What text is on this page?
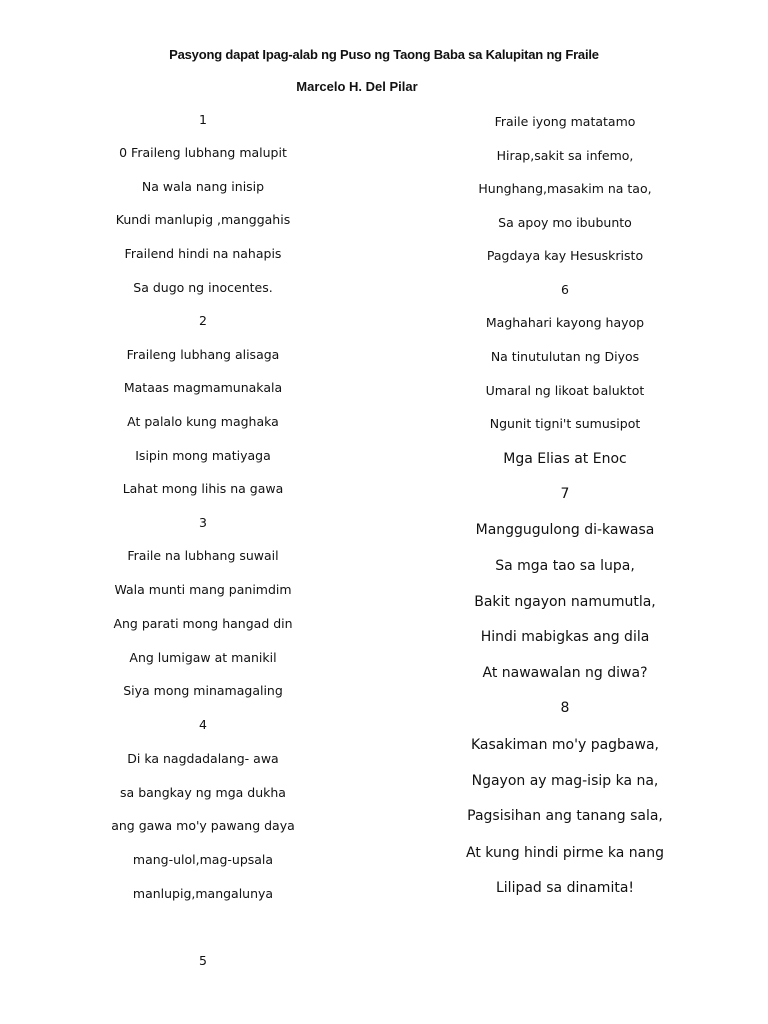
Pasyong dapat Ipag-alab ng Puso ng Taong Baba sa Kalupitan ng Fraile
Marcelo H. Del Pilar
1
0 Fraileng lubhang malupit
Na wala nang inisip
Kundi manlupig ,manggahis
Frailend hindi na nahapis
Sa dugo ng inocentes.
2
Fraileng lubhang alisaga
Mataas magmamunakala
At palalo kung maghaka
Isipin mong matiyaga
Lahat mong lihis na gawa
3
Fraile na lubhang suwail
Wala munti mang panimdim
Ang parati mong hangad din
Ang lumigaw at manikil
Siya mong minamagaling
4
Di ka nagdadalang- awa
sa bangkay ng mga dukha
ang gawa mo'y pawang daya
mang-ulol,mag-upsala
manlupig,mangalunya
5
Fraile iyong matatamo
Hirap,sakit sa infemo,
Hunghang,masakim na tao,
Sa apoy mo ibubunto
Pagdaya kay Hesuskristo
6
Maghahari kayong hayop
Na tinutulutan ng Diyos
Umaral ng likoat baluktot
Ngunit tigni't sumusipot
Mga Elias at Enoc
7
Manggugulong di-kawasa
Sa mga tao sa lupa,
Bakit ngayon namumutla,
Hindi mabigkas ang dila
At nawawalan ng diwa?
8
Kasakiman mo'y pagbawa,
Ngayon ay mag-isip ka na,
Pagsisihan ang tanang sala,
At kung hindi pirme ka nang
Lilipad sa dinamita!
